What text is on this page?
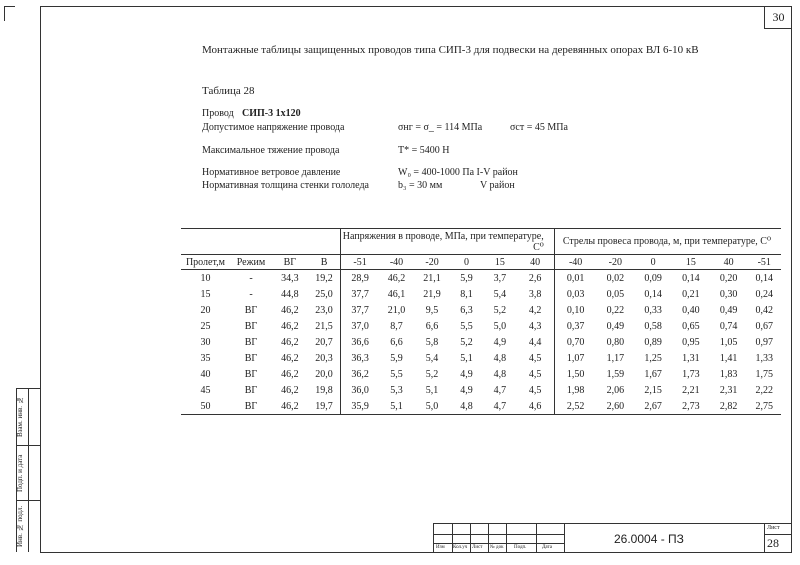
30
Взам. инв. №
Подп. и дата
Инв. № подл.
Монтажные таблицы защищенных проводов типа СИП-3 для подвески на деревянных опорах ВЛ 6-10 кВ
Таблица 28
Провод СИП-3 1х120
Допустимое напряжение провода	σнг = σ_ = 114 МПа	σст = 45 МПа
Максимальное тяжение провода	Т* = 5400 Н
Нормативное ветровое давление	W₀ = 400-1000 Па I-V район
Нормативная толщина стенки гололеда	b₃ = 30 мм	V район
				Напряжения в проводе, МПа, при температуре, С⁰						Стрелы провеса провода, м, при температуре, С⁰					
Пролет,м	Режим	ВГ	В	-51	-40	-20	0	15	40	-40	-20	0	15	40	-51
10	-	34,3	19,2	28,9	46,2	21,1	5,9	3,7	2,6	0,01	0,02	0,09	0,14	0,20	0,14
15	-	44,8	25,0	37,7	46,1	21,9	8,1	5,4	3,8	0,03	0,05	0,14	0,21	0,30	0,24
20	ВГ	46,2	23,0	37,7	21,0	9,5	6,3	5,2	4,2	0,10	0,22	0,33	0,40	0,49	0,42
25	ВГ	46,2	21,5	37,0	8,7	6,6	5,5	5,0	4,3	0,37	0,49	0,58	0,65	0,74	0,67
30	ВГ	46,2	20,7	36,6	6,6	5,8	5,2	4,9	4,4	0,70	0,80	0,89	0,95	1,05	0,97
35	ВГ	46,2	20,3	36,3	5,9	5,4	5,1	4,8	4,5	1,07	1,17	1,25	1,31	1,41	1,33
40	ВГ	46,2	20,0	36,2	5,5	5,2	4,9	4,8	4,5	1,50	1,59	1,67	1,73	1,83	1,75
45	ВГ	46,2	19,8	36,0	5,3	5,1	4,9	4,7	4,5	1,98	2,06	2,15	2,21	2,31	2,22
50	ВГ	46,2	19,7	35,9	5,1	5,0	4,8	4,7	4,6	2,52	2,60	2,67	2,73	2,82	2,75
Изм Кол.уч Лист № док Подп.	Дата
26.0004 - ПЗ
Лист
28
